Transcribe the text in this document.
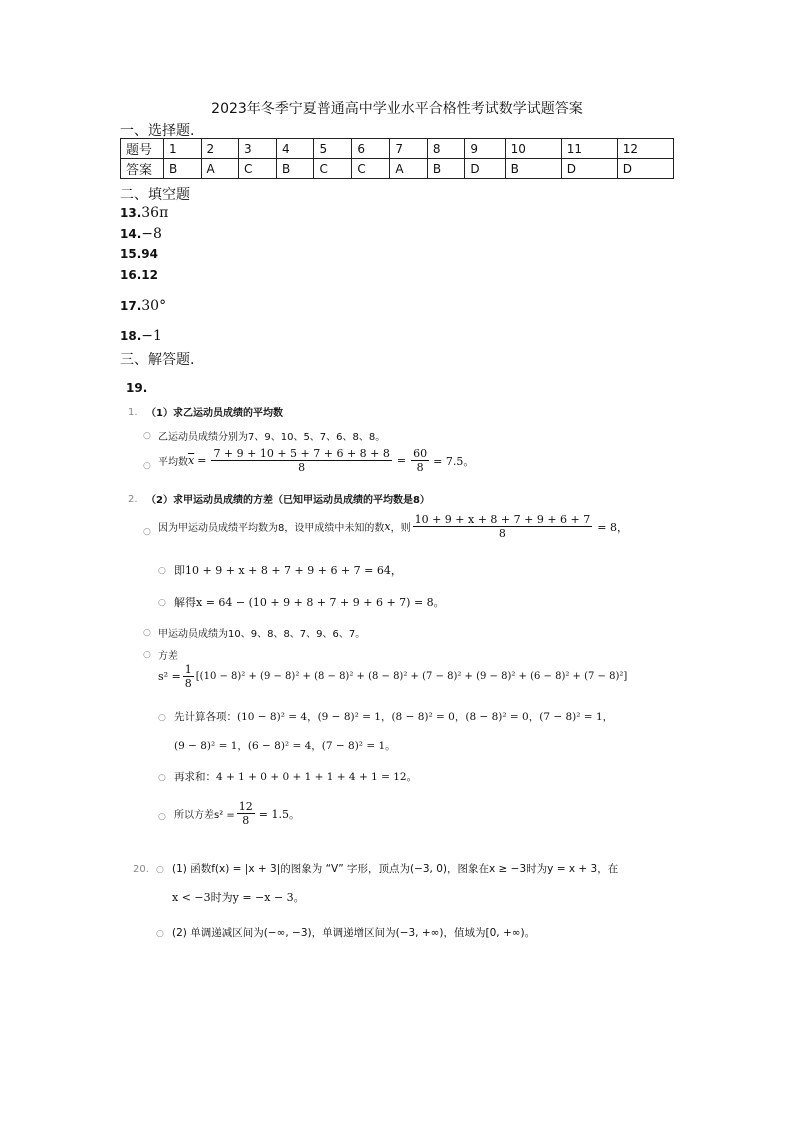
2023年冬季宁夏普通高中学业水平合格性考试数学试题答案
一、选择题.
题号	1	2	3	4	5	6	7	8	9	10	11	12
答案	B	A	C	B	C	C	A	B	D	B	D	D
二、填空题
13.36π
14.−8
15.94
16.12
17.30°
18.−1
三、解答题.
19.
1. （1）求乙运动员成绩的平均数
○ 乙运动员成绩分别为7、9、10、5、7、6、8、8。
○ 平均数 $\overline{x} = \frac{7 + 9 + 10 + 5 + 7 + 6 + 8 + 8}{8} = \frac{60}{8} = 7.5$。
2. （2）求甲运动员成绩的方差（已知甲运动员成绩的平均数是8）
○ 因为甲运动员成绩平均数为8，设甲成绩中未知的数 x ，则 $\frac{10 + 9 + x + 8 + 7 + 9 + 6 + 7}{8} = 8$，
○ 即10 + 9 + x + 8 + 7 + 9 + 6 + 7 = 64，
○ 解得x = 64 − (10 + 9 + 8 + 7 + 9 + 6 + 7) = 8。
○ 甲运动员成绩为10、9、8、8、7、9、6、7。
○ 方差
$s^2 = \frac{1}{8} [(10 - 8)^2 + (9 - 8)^2 + (8 - 8)^2 + (8 - 8)^2 + (7 - 8)^2 + (9 - 8)^2 + (6 - 8)^2 + (7 - 8)^2]$
○ 先计算各项：(10 − 8)² = 4，(9 − 8)² = 1，(8 − 8)² = 0，(8 − 8)² = 0，(7 − 8)² = 1，
(9 − 8)² = 1，(6 − 8)² = 4，(7 − 8)² = 1。
○ 再求和：4 + 1 + 0 + 0 + 1 + 1 + 4 + 1 = 12。
○ 所以方差$s^2 = \frac{12}{8} = 1.5$。
20. ○ (1) 函数f(x) = |x + 3|的图象为 “V” 字形，顶点为(−3, 0)，图象在x ≥ −3时为y = x + 3，在
x < −3时为y = −x − 3。
○ (2) 单调递减区间为(−∞, −3)，单调递增区间为(−3, +∞)，值域为[0, +∞)。
